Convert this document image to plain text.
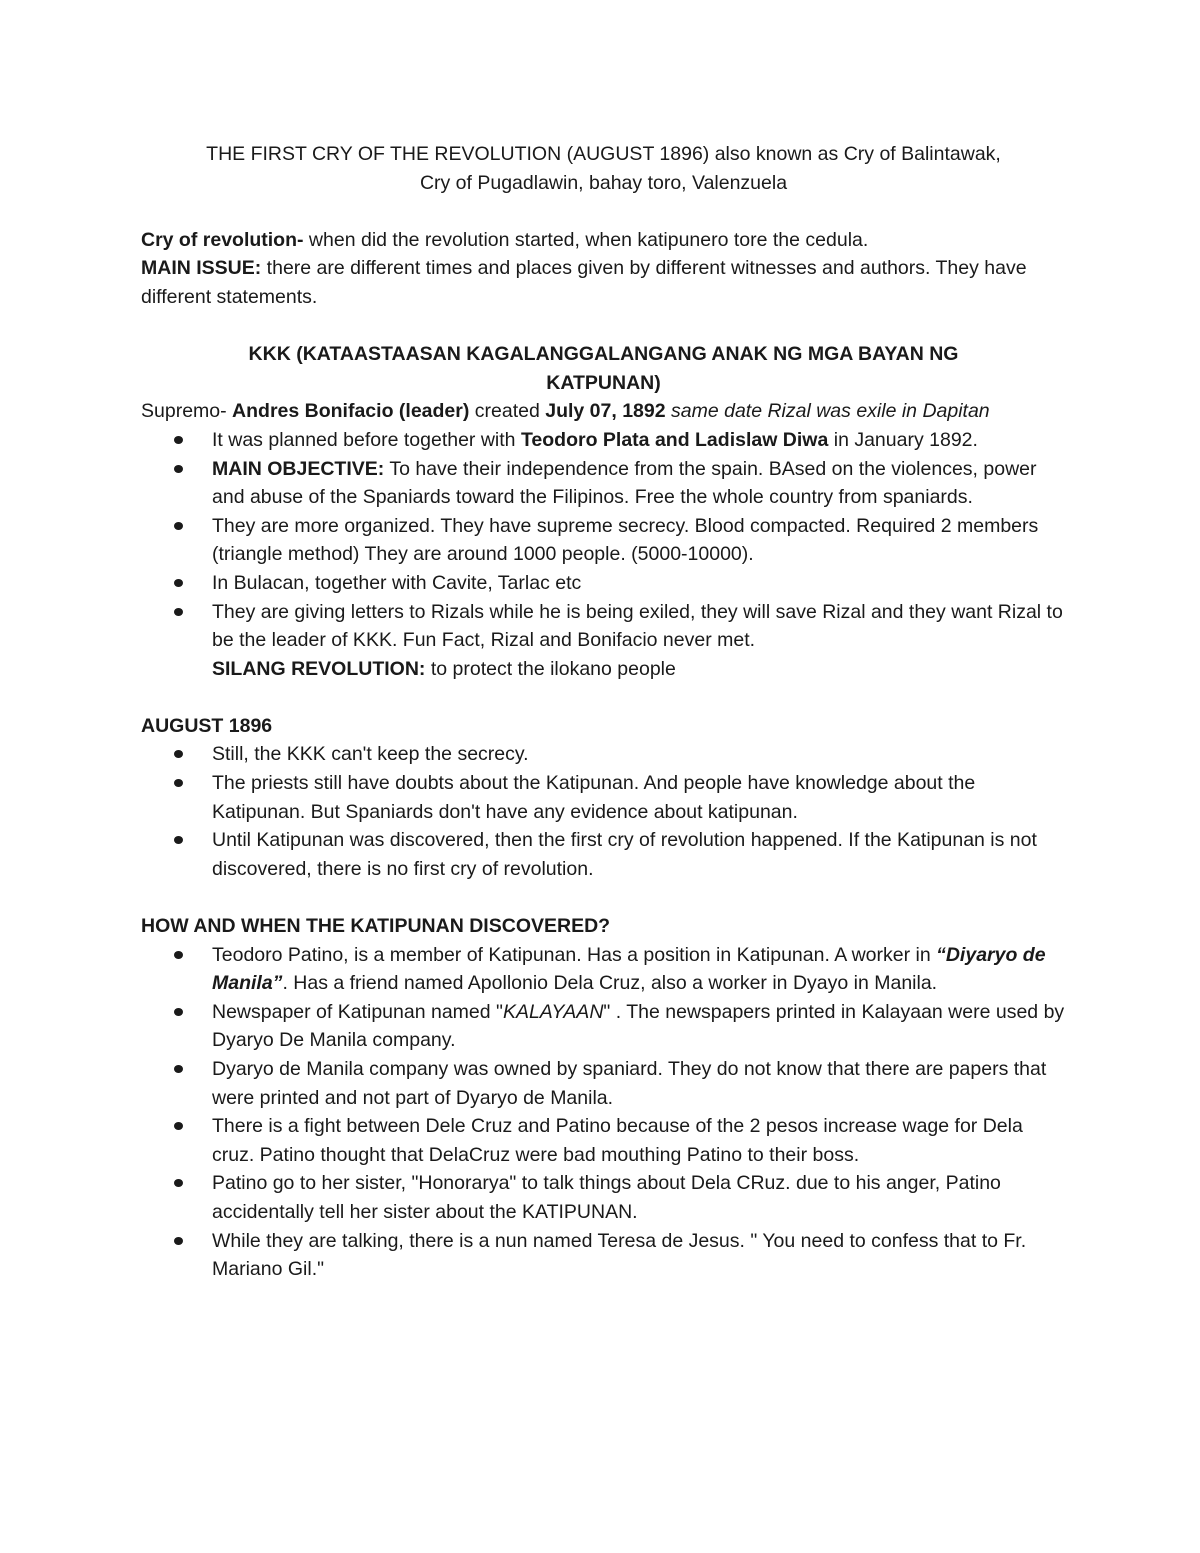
THE FIRST CRY OF THE REVOLUTION (AUGUST 1896) also known as Cry of Balintawak,
Cry of Pugadlawin, bahay toro, Valenzuela

Cry of revolution- when did the revolution started, when katipunero tore the cedula.

MAIN ISSUE: there are different times and places given by different witnesses and authors. They have different statements.

KKK (KATAASTAASAN KAGALANGGALANGANG ANAK NG MGA BAYAN NG
KATPUNAN)

Supremo- Andres Bonifacio (leader) created July 07, 1892 same date Rizal was exile in Dapitan

It was planned before together with Teodoro Plata and Ladislaw Diwa in January 1892.
MAIN OBJECTIVE: To have their independence from the spain. BAsed on the violences, power and abuse of the Spaniards toward the Filipinos. Free the whole country from spaniards.
They are more organized. They have supreme secrecy. Blood compacted. Required 2 members (triangle method) They are around 1000 people. (5000-10000).
In Bulacan, together with Cavite, Tarlac etc
They are giving letters to Rizals while he is being exiled, they will save Rizal and they want Rizal to be the leader of KKK. Fun Fact, Rizal and Bonifacio never met.

SILANG REVOLUTION: to protect the ilokano people

AUGUST 1896

Still, the KKK can't keep the secrecy.
The priests still have doubts about the Katipunan. And people have knowledge about the Katipunan. But Spaniards don't have any evidence about katipunan.
Until Katipunan was discovered, then the first cry of revolution happened. If the Katipunan is not discovered, there is no first cry of revolution.

HOW AND WHEN THE KATIPUNAN DISCOVERED?

Teodoro Patino, is a member of Katipunan. Has a position in Katipunan. A worker in “Diyaryo de Manila”. Has a friend named Apollonio Dela Cruz, also a worker in Dyayo in Manila.
Newspaper of Katipunan named "KALAYAAN" . The newspapers printed in Kalayaan were used by Dyaryo De Manila company.
Dyaryo de Manila company was owned by spaniard. They do not know that there are papers that were printed and not part of Dyaryo de Manila.
There is a fight between Dele Cruz and Patino because of the 2 pesos increase wage for Dela cruz. Patino thought that DelaCruz were bad mouthing Patino to their boss.
Patino go to her sister, "Honorarya" to talk things about Dela CRuz. due to his anger, Patino accidentally tell her sister about the KATIPUNAN.
While they are talking, there is a nun named Teresa de Jesus. " You need to confess that to Fr. Mariano Gil."
